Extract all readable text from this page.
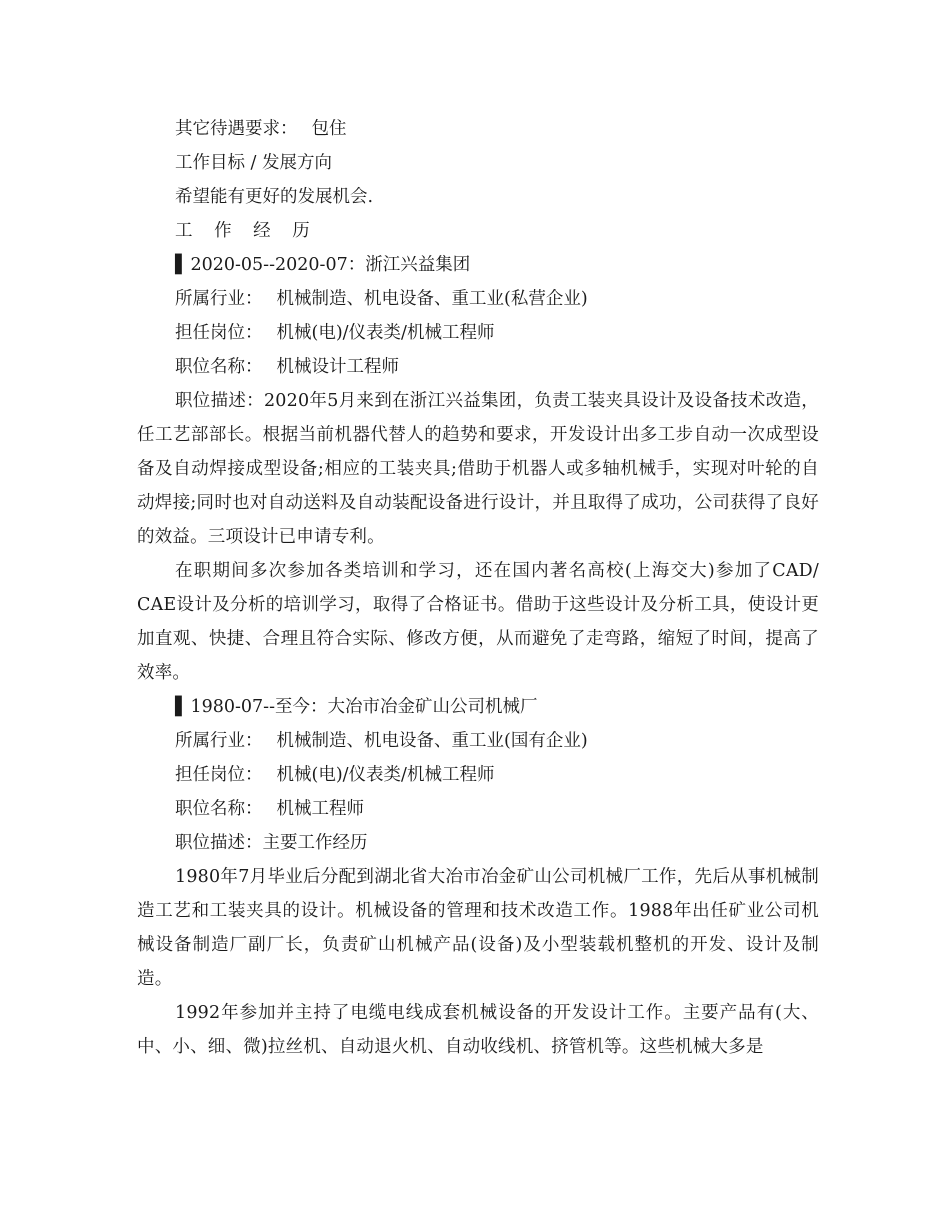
其它待遇要求： 包住
工作目标 / 发展方向
希望能有更好的发展机会.
工 作 经 历
▌ 2020-05--2020-07：浙江兴益集团
所属行业： 机械制造、机电设备、重工业(私营企业)
担任岗位： 机械(电)/仪表类/机械工程师
职位名称： 机械设计工程师
职位描述：2020年5月来到在浙江兴益集团，负责工装夹具设计及设备技术改造，任工艺部部长。根据当前机器代替人的趋势和要求，开发设计出多工步自动一次成型设备及自动焊接成型设备;相应的工装夹具;借助于机器人或多轴机械手，实现对叶轮的自动焊接;同时也对自动送料及自动装配设备进行设计，并且取得了成功，公司获得了良好的效益。三项设计已申请专利。
在职期间多次参加各类培训和学习，还在国内著名高校(上海交大)参加了CAD/ CAE设计及分析的培训学习，取得了合格证书。借助于这些设计及分析工具，使设计更加直观、快捷、合理且符合实际、修改方便，从而避免了走弯路，缩短了时间，提高了效率。
▌ 1980-07--至今：大冶市冶金矿山公司机械厂
所属行业： 机械制造、机电设备、重工业(国有企业)
担任岗位： 机械(电)/仪表类/机械工程师
职位名称： 机械工程师
职位描述：主要工作经历
1980年7月毕业后分配到湖北省大冶市冶金矿山公司机械厂工作，先后从事机械制造工艺和工装夹具的设计。机械设备的管理和技术改造工作。1988年出任矿业公司机械设备制造厂副厂长，负责矿山机械产品(设备)及小型装载机整机的开发、设计及制造。
1992年参加并主持了电缆电线成套机械设备的开发设计工作。主要产品有(大、中、小、细、微)拉丝机、自动退火机、自动收线机、挤管机等。这些机械大多是
